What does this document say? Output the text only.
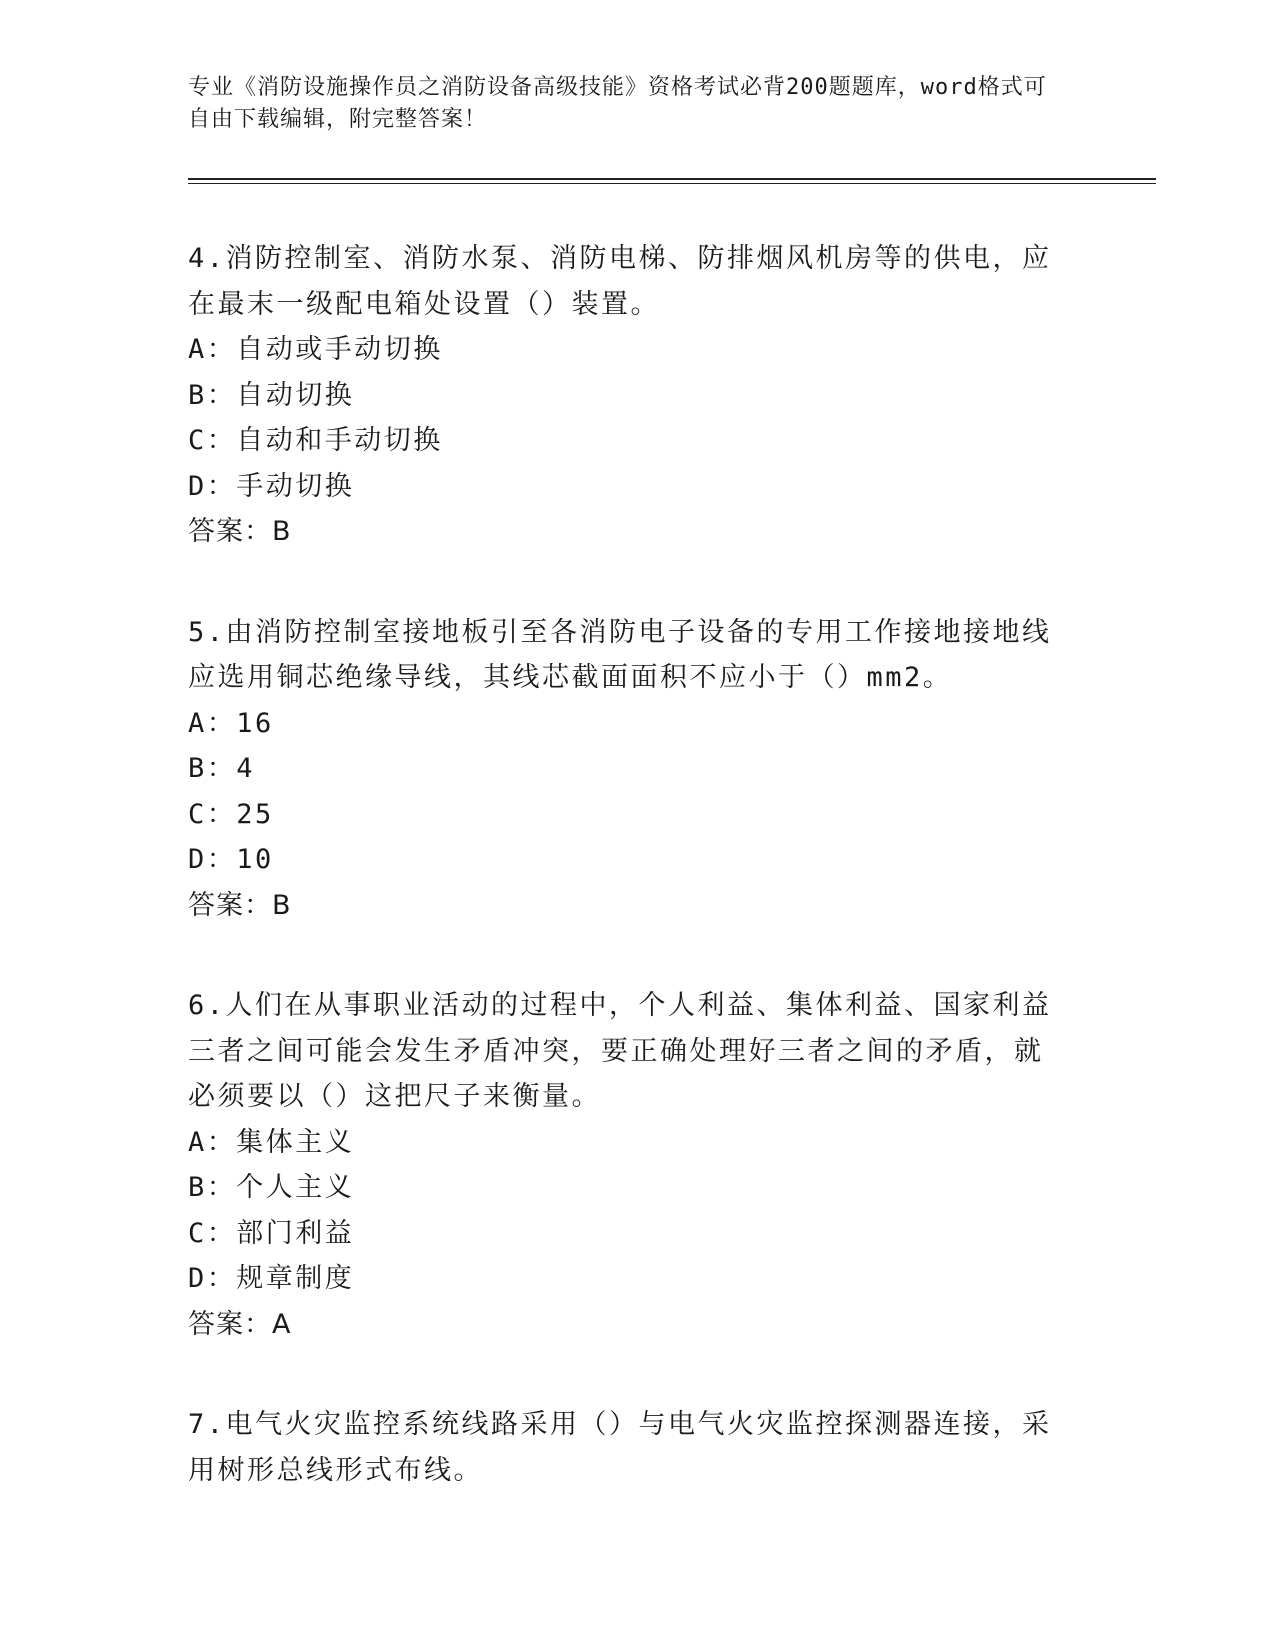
专业《消防设施操作员之消防设备高级技能》资格考试必背200题题库，word格式可自由下载编辑，附完整答案！

4.消防控制室、消防水泵、消防电梯、防排烟风机房等的供电，应在最末一级配电箱处设置（）装置。

A：自动或手动切换

B：自动切换

C：自动和手动切换

D：手动切换

答案：B

5.由消防控制室接地板引至各消防电子设备的专用工作接地接地线应选用铜芯绝缘导线，其线芯截面面积不应小于（）mm2。

A：16

B：4

C：25

D：10

答案：B

6.人们在从事职业活动的过程中，个人利益、集体利益、国家利益三者之间可能会发生矛盾冲突，要正确处理好三者之间的矛盾，就必须要以（）这把尺子来衡量。

A：集体主义

B：个人主义

C：部门利益

D：规章制度

答案：A

7.电气火灾监控系统线路采用（）与电气火灾监控探测器连接，采用树形总线形式布线。
